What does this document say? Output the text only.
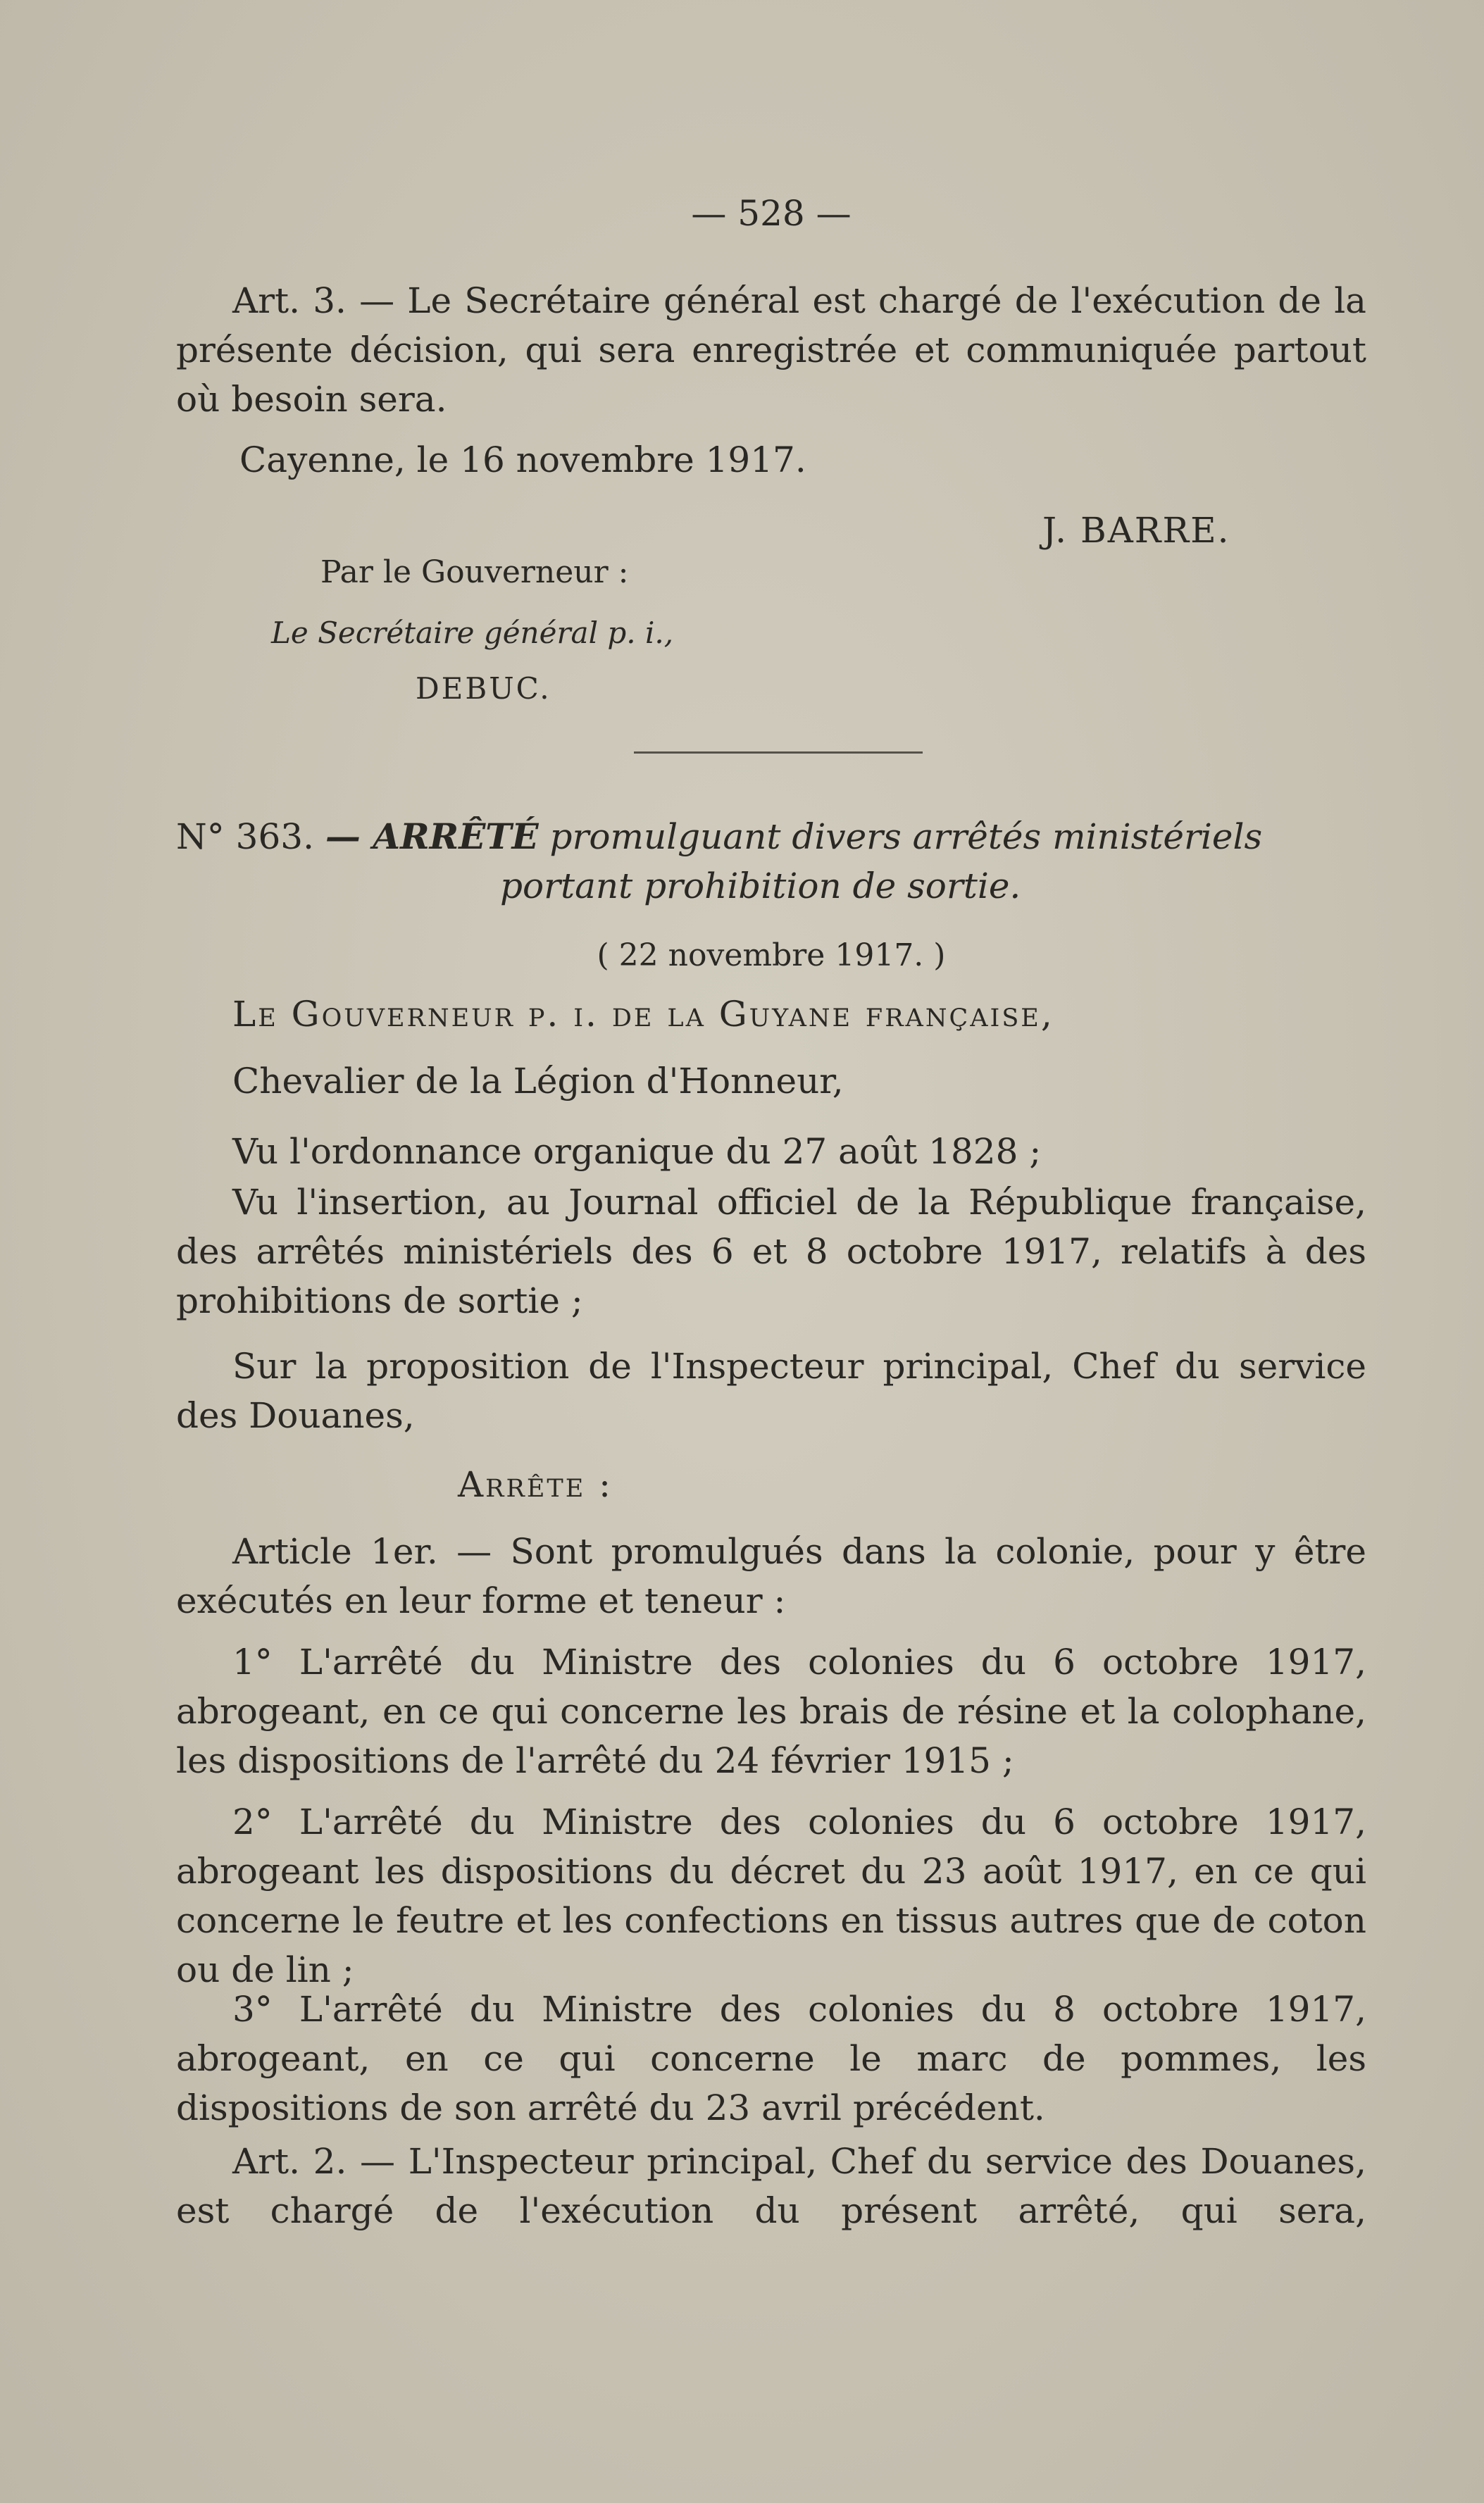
— 528 —
Art. 3. — Le Secrétaire général est chargé de l'exécution de la présente décision, qui sera enregistrée et communiquée partout où besoin sera.
Cayenne, le 16 novembre 1917.
J. BARRE.
Par le Gouverneur :
Le Secrétaire général p. i.,
DEBUC.
N° 363. — ARRÊTÉ promulguant divers arrêtés ministériels
portant prohibition de sortie.
( 22 novembre 1917. )
Le Gouverneur p. i. de la Guyane française,
Chevalier de la Légion d'Honneur,
Vu l'ordonnance organique du 27 août 1828 ;
Vu l'insertion, au Journal officiel de la République française, des arrêtés ministériels des 6 et 8 octobre 1917, relatifs à des prohibitions de sortie ;
Sur la proposition de l'Inspecteur principal, Chef du service des Douanes,
Arrête :
Article 1er. — Sont promulgués dans la colonie, pour y être exécutés en leur forme et teneur :
1° L'arrêté du Ministre des colonies du 6 octobre 1917, abrogeant, en ce qui concerne les brais de résine et la colophane, les dispositions de l'arrêté du 24 février 1915 ;
2° L'arrêté du Ministre des colonies du 6 octobre 1917, abrogeant les dispositions du décret du 23 août 1917, en ce qui concerne le feutre et les confections en tissus autres que de coton ou de lin ;
3° L'arrêté du Ministre des colonies du 8 octobre 1917, abrogeant, en ce qui concerne le marc de pommes, les dispositions de son arrêté du 23 avril précédent.
Art. 2. — L'Inspecteur principal, Chef du service des Douanes, est chargé de l'exécution du présent arrêté, qui sera,
